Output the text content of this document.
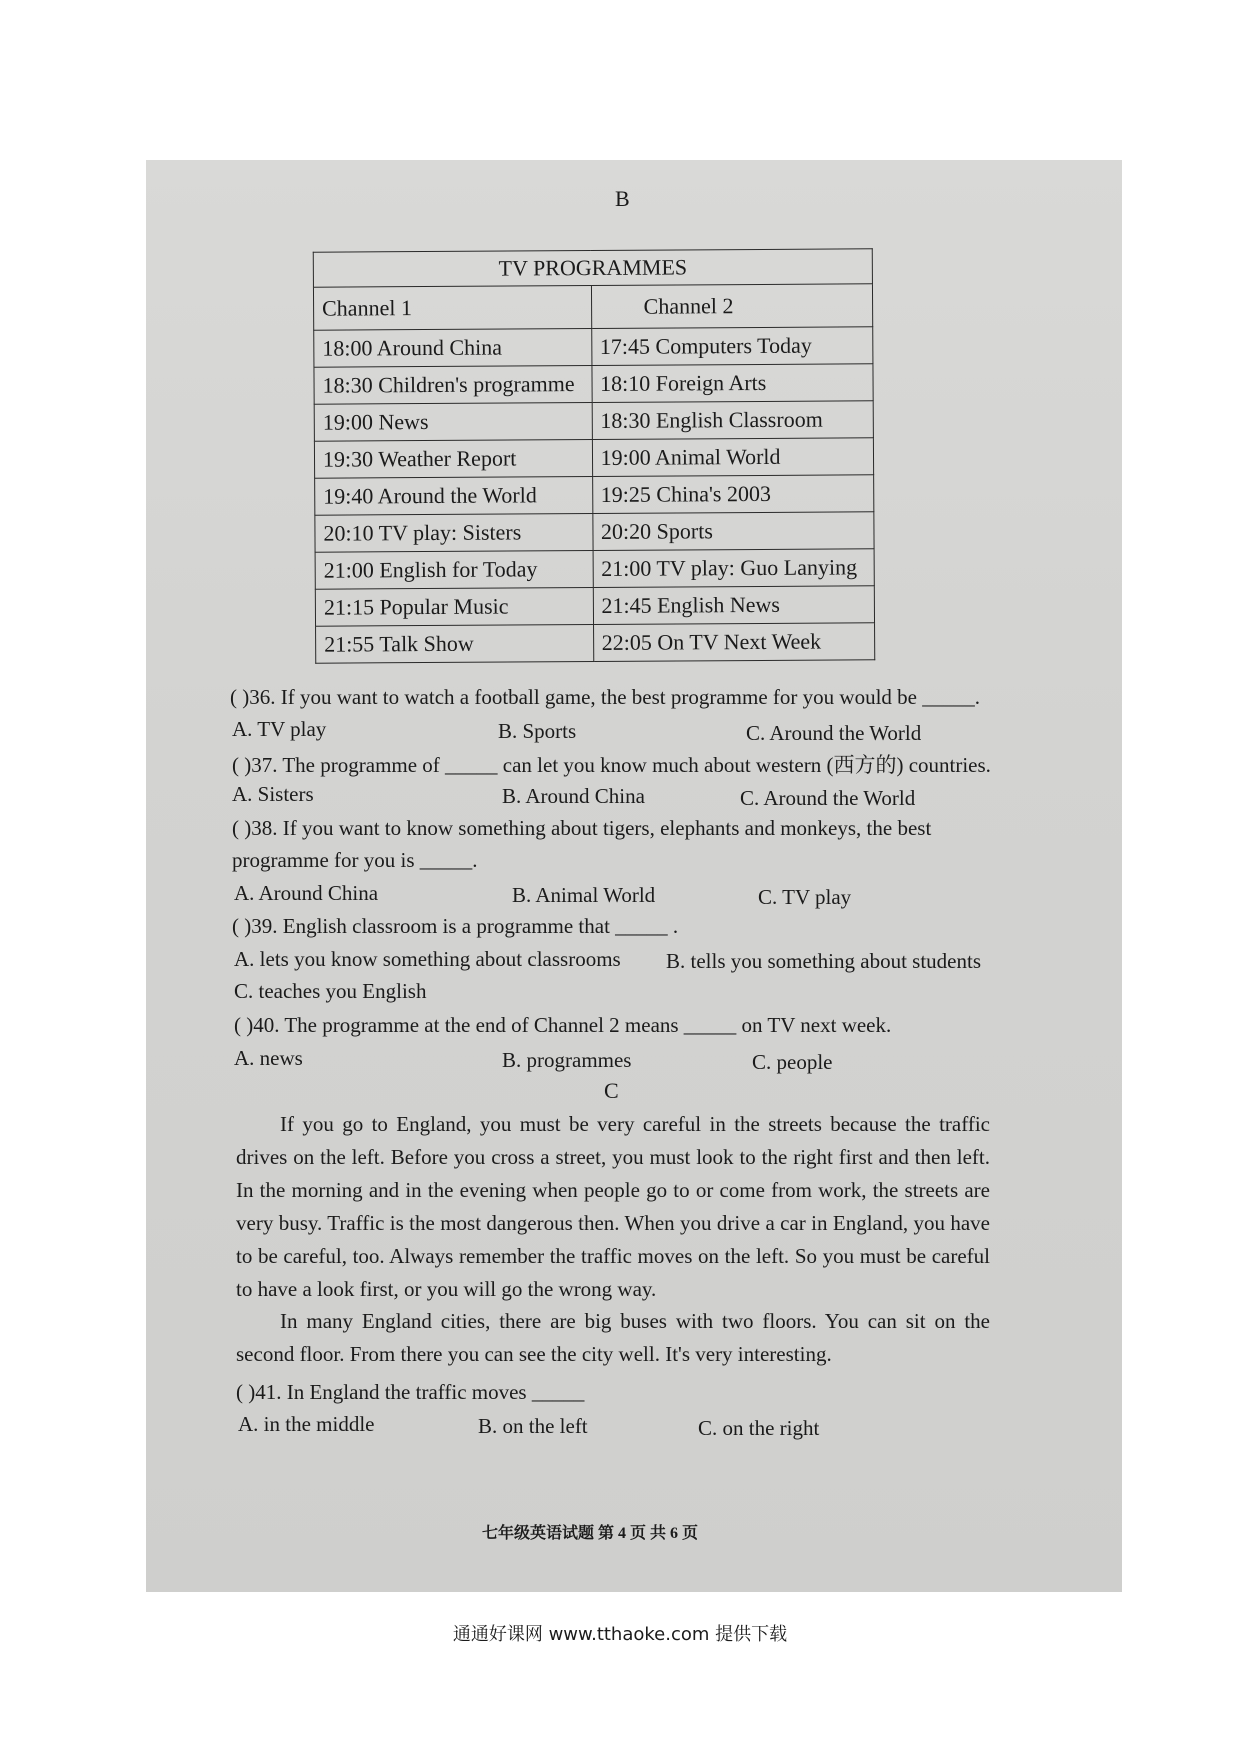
B
TV PROGRAMMES	
Channel 1	Channel 2
18:00 Around China	17:45 Computers Today
18:30 Children's programme	18:10 Foreign Arts
19:00 News	18:30 English Classroom
19:30 Weather Report	19:00 Animal World
19:40 Around the World	19:25 China's 2003
20:10 TV play: Sisters	20:20 Sports
21:00 English for Today	21:00 TV play: Guo Lanying
21:15 Popular Music	21:45 English News
21:55 Talk Show	22:05 On TV Next Week
( )36. If you want to watch a football game, the best programme for you would be _____.
A. TV play	B. Sports	C. Around the World
( )37. The programme of _____ can let you know much about western (西方的) countries.
A. Sisters	B. Around China	C. Around the World
( )38. If you want to know something about tigers, elephants and monkeys, the best
programme for you is _____.
A. Around China	B. Animal World	C. TV play
( )39. English classroom is a programme that _____ .
A. lets you know something about classrooms B. tells you something about students
C. teaches you English
( )40. The programme at the end of Channel 2 means _____ on TV next week.
A. news	B. programmes	C. people
C
If you go to England, you must be very careful in the streets because the traffic drives on the left. Before you cross a street, you must look to the right first and then left. In the morning and in the evening when people go to or come from work, the streets are very busy. Traffic is the most dangerous then. When you drive a car in England, you have to be careful, too. Always remember the traffic moves on the left. So you must be careful to have a look first, or you will go the wrong way.
In many England cities, there are big buses with two floors. You can sit on the second floor. From there you can see the city well. It's very interesting.
( )41. In England the traffic moves _____
A. in the middle	B. on the left	C. on the right
七年级英语试题 第 4 页 共 6 页
通通好课网 www.tthaoke.com 提供下载
